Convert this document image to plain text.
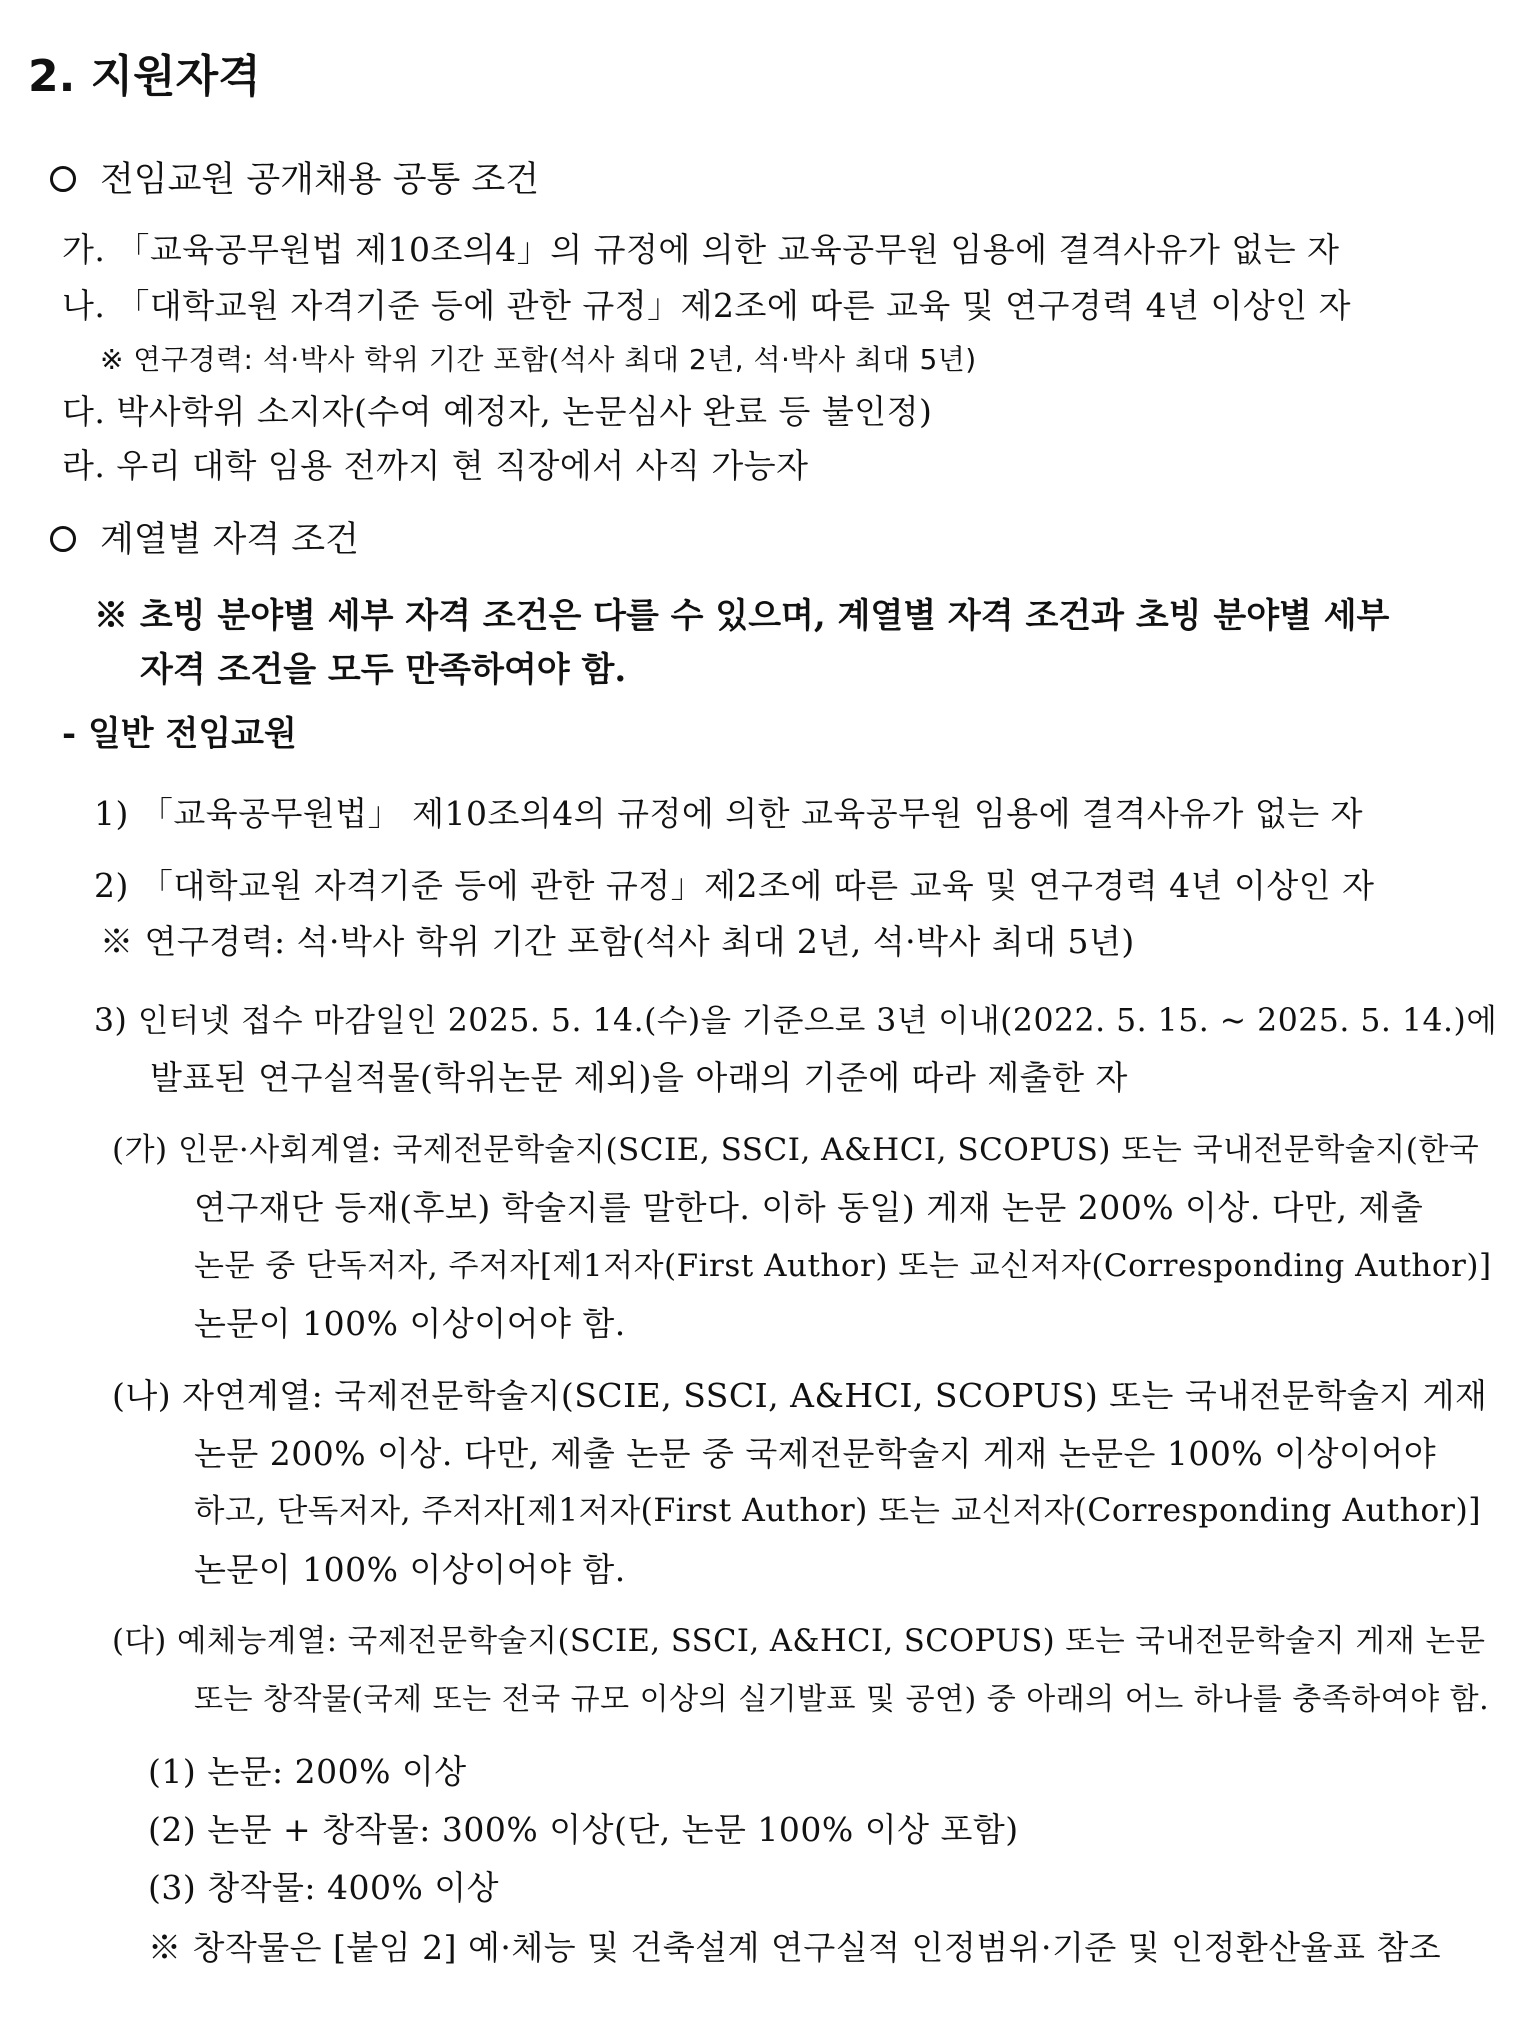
2. 지원자격
전임교원 공개채용 공통 조건
가. 「교육공무원법 제10조의4」의 규정에 의한 교육공무원 임용에 결격사유가 없는 자
나. 「대학교원 자격기준 등에 관한 규정」제2조에 따른 교육 및 연구경력 4년 이상인 자
※ 연구경력: 석·박사 학위 기간 포함(석사 최대 2년, 석·박사 최대 5년)
다. 박사학위 소지자(수여 예정자, 논문심사 완료 등 불인정)
라. 우리 대학 임용 전까지 현 직장에서 사직 가능자
계열별 자격 조건
※ 초빙 분야별 세부 자격 조건은 다를 수 있으며, 계열별 자격 조건과 초빙 분야별 세부
자격 조건을 모두 만족하여야 함.
- 일반 전임교원
1) 「교육공무원법」 제10조의4의 규정에 의한 교육공무원 임용에 결격사유가 없는 자
2) 「대학교원 자격기준 등에 관한 규정」제2조에 따른 교육 및 연구경력 4년 이상인 자
※ 연구경력: 석·박사 학위 기간 포함(석사 최대 2년, 석·박사 최대 5년)
3) 인터넷 접수 마감일인 2025. 5. 14.(수)을 기준으로 3년 이내(2022. 5. 15. ~ 2025. 5. 14.)에
발표된 연구실적물(학위논문 제외)을 아래의 기준에 따라 제출한 자
(가) 인문·사회계열: 국제전문학술지(SCIE, SSCI, A&HCI, SCOPUS) 또는 국내전문학술지(한국
연구재단 등재(후보) 학술지를 말한다. 이하 동일) 게재 논문 200% 이상. 다만, 제출
논문 중 단독저자, 주저자[제1저자(First Author) 또는 교신저자(Corresponding Author)]
논문이 100% 이상이어야 함.
(나) 자연계열: 국제전문학술지(SCIE, SSCI, A&HCI, SCOPUS) 또는 국내전문학술지 게재
논문 200% 이상. 다만, 제출 논문 중 국제전문학술지 게재 논문은 100% 이상이어야
하고, 단독저자, 주저자[제1저자(First Author) 또는 교신저자(Corresponding Author)]
논문이 100% 이상이어야 함.
(다) 예체능계열: 국제전문학술지(SCIE, SSCI, A&HCI, SCOPUS) 또는 국내전문학술지 게재 논문
또는 창작물(국제 또는 전국 규모 이상의 실기발표 및 공연) 중 아래의 어느 하나를 충족하여야 함.
(1) 논문: 200% 이상
(2) 논문 + 창작물: 300% 이상(단, 논문 100% 이상 포함)
(3) 창작물: 400% 이상
※ 창작물은 [붙임 2] 예·체능 및 건축설계 연구실적 인정범위·기준 및 인정환산율표 참조
